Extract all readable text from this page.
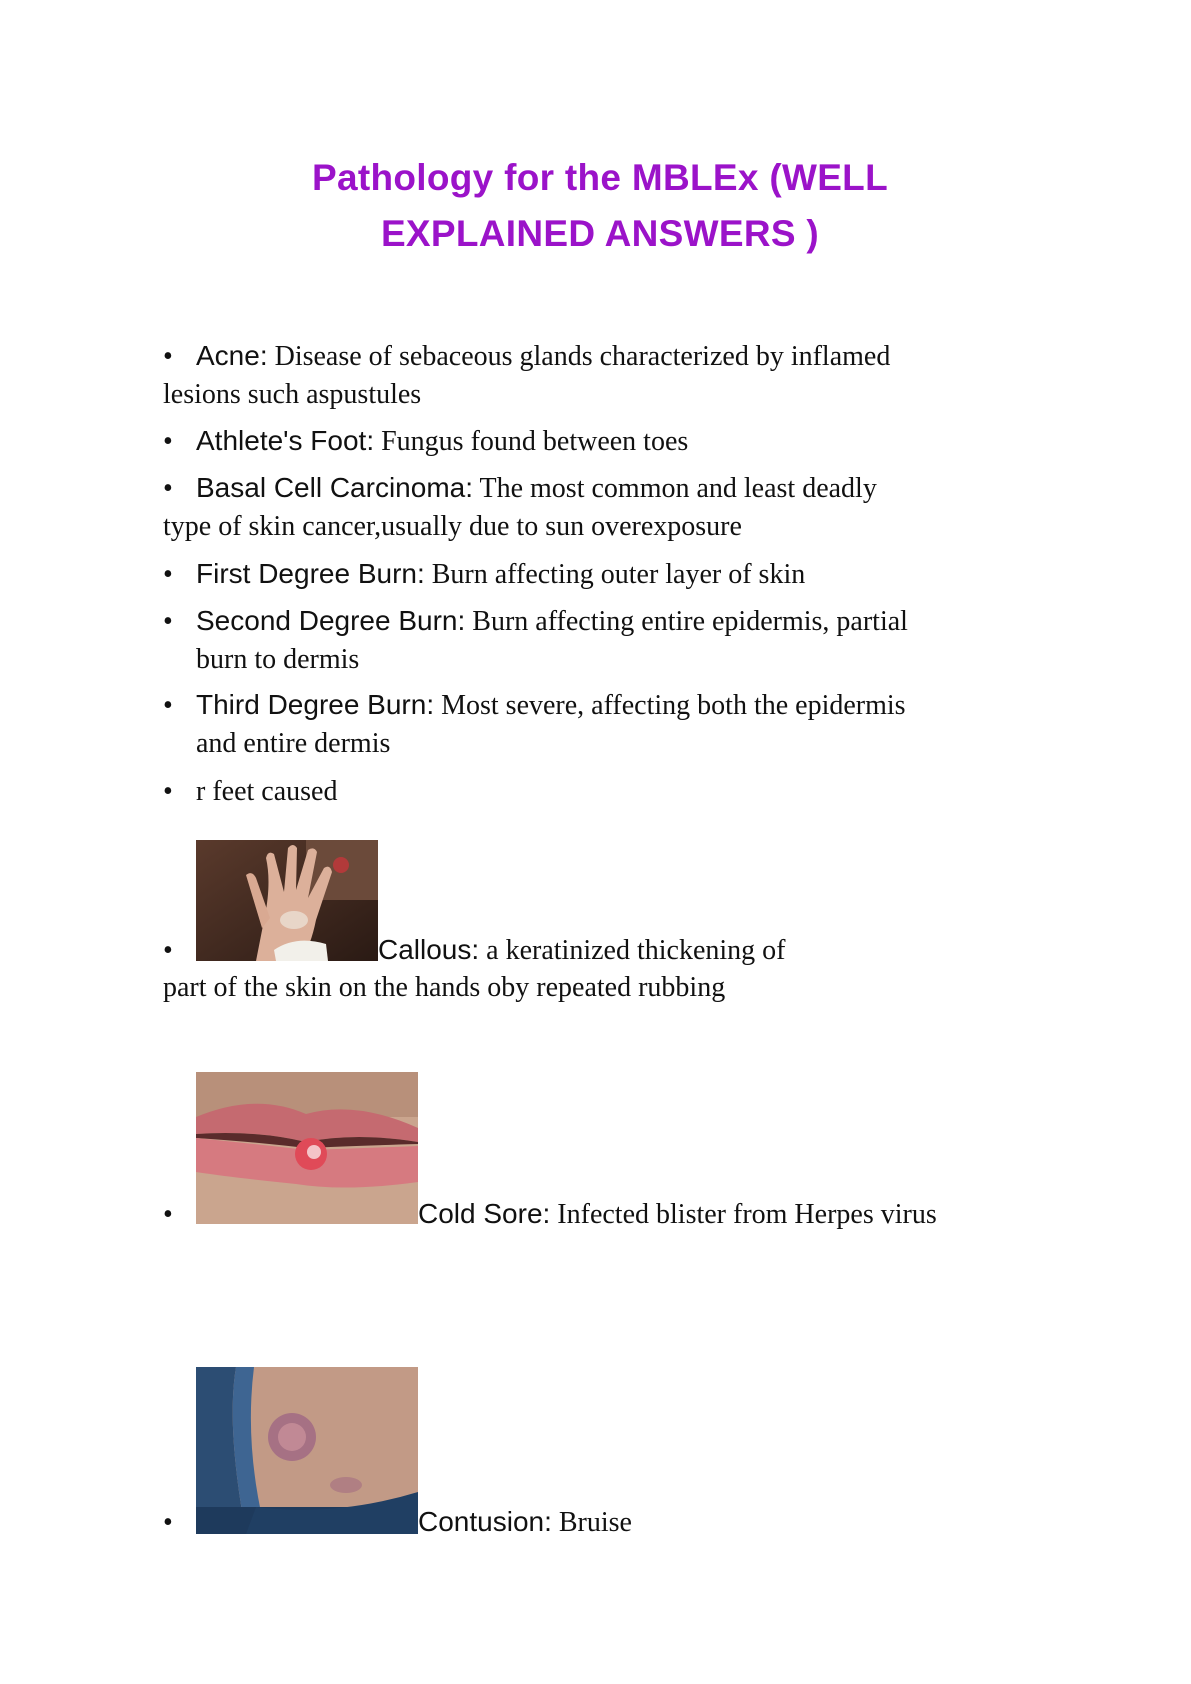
Pathology for the MBLEx (WELL
EXPLAINED ANSWERS )
• Acne: Disease of sebaceous glands characterized by inflamed
lesions such aspustules
• Athlete's Foot: Fungus found between toes
• Basal Cell Carcinoma: The most common and least deadly
type of skin cancer,usually due to sun overexposure
• First Degree Burn: Burn affecting outer layer of skin
• Second Degree Burn: Burn affecting entire epidermis, partial
burn to dermis
• Third Degree Burn: Most severe, affecting both the epidermis
and entire dermis
• r feet caused
•	Callous: a keratinized thickening of
part of the skin on the hands oby repeated rubbing
•	Cold Sore: Infected blister from Herpes virus
•	Contusion: Bruise
